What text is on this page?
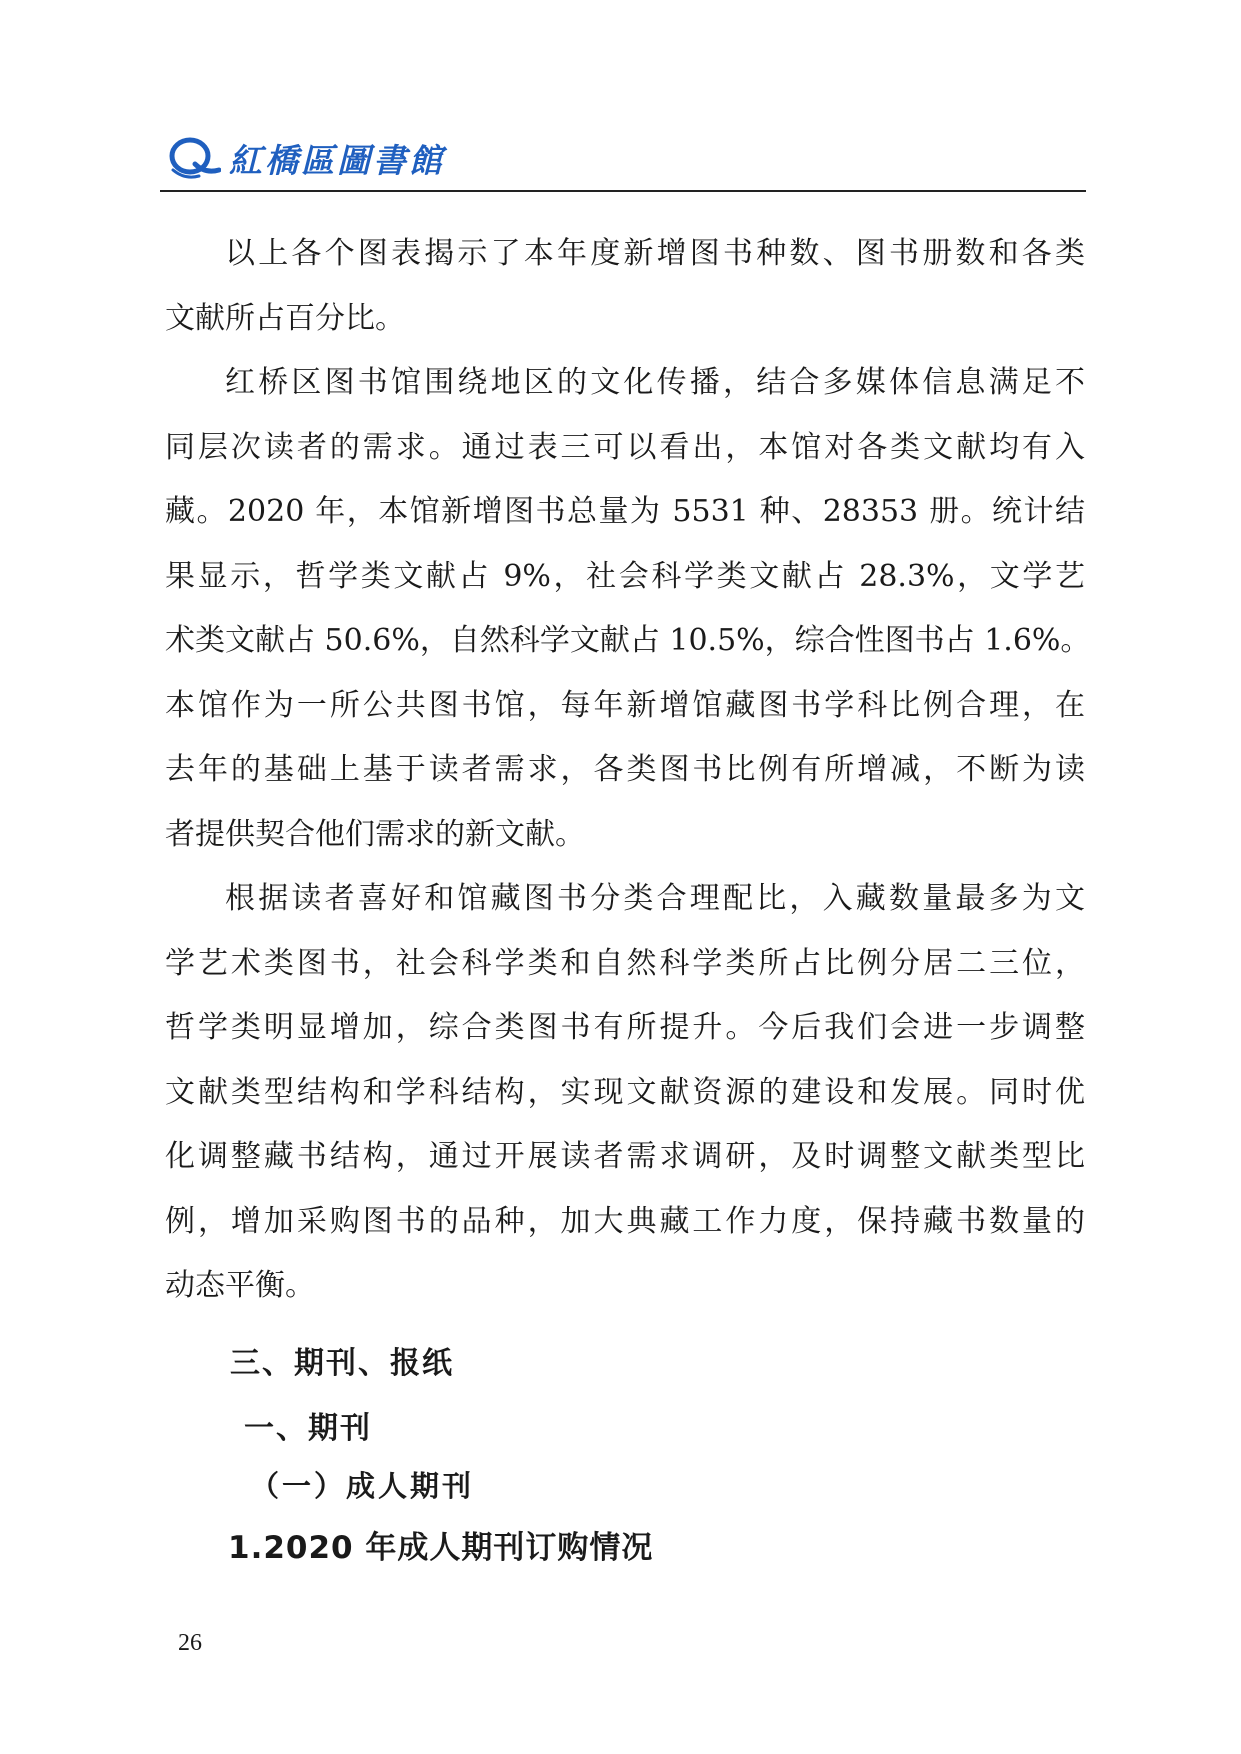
紅橋區圖書館
以上各个图表揭示了本年度新增图书种数、图书册数和各类
文献所占百分比。
红桥区图书馆围绕地区的文化传播，结合多媒体信息满足不
同层次读者的需求。通过表三可以看出，本馆对各类文献均有入
藏。2020 年，本馆新增图书总量为 5531 种、28353 册。统计结
果显示，哲学类文献占 9%，社会科学类文献占 28.3%，文学艺
术类文献占 50.6%，自然科学文献占 10.5%，综合性图书占 1.6%。
本馆作为一所公共图书馆，每年新增馆藏图书学科比例合理，在
去年的基础上基于读者需求，各类图书比例有所增减，不断为读
者提供契合他们需求的新文献。
根据读者喜好和馆藏图书分类合理配比，入藏数量最多为文
学艺术类图书，社会科学类和自然科学类所占比例分居二三位，
哲学类明显增加，综合类图书有所提升。今后我们会进一步调整
文献类型结构和学科结构，实现文献资源的建设和发展。同时优
化调整藏书结构，通过开展读者需求调研，及时调整文献类型比
例，增加采购图书的品种，加大典藏工作力度，保持藏书数量的
动态平衡。
三、期刊、报纸
一、期刊
（一）成人期刊
1.2020 年成人期刊订购情况
26
